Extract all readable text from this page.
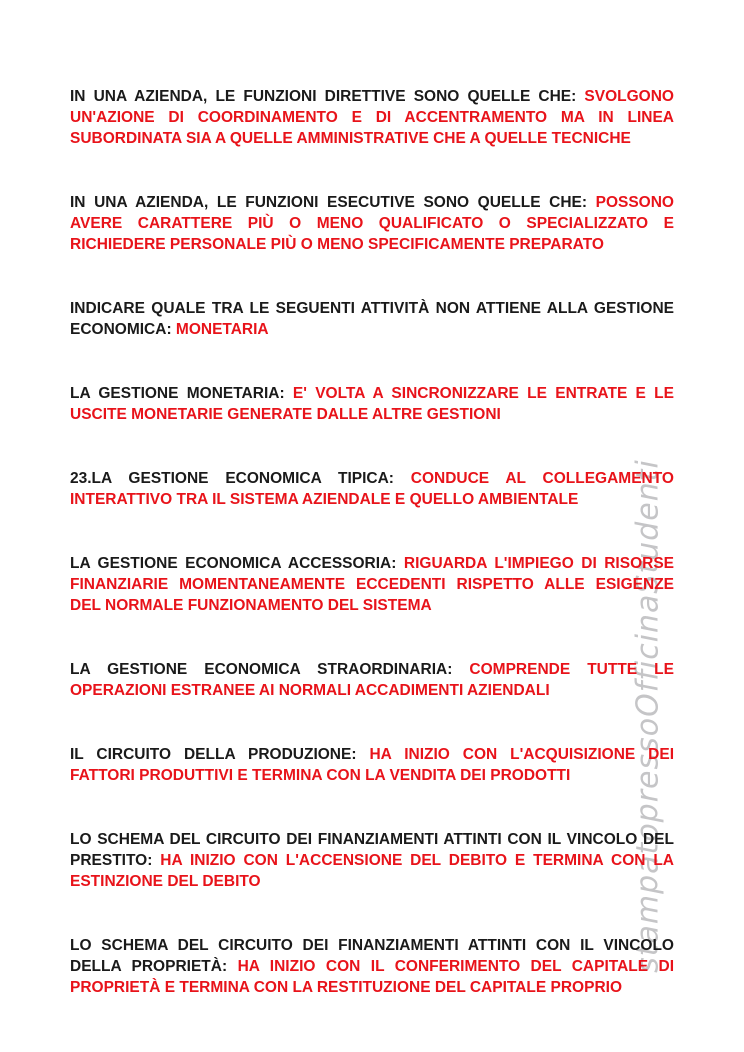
stampatopressoOfficinaStudenti

IN UNA AZIENDA, LE FUNZIONI DIRETTIVE SONO QUELLE CHE: SVOLGONO UN'AZIONE DI COORDINAMENTO E DI ACCENTRAMENTO MA IN LINEA SUBORDINATA SIA A QUELLE AMMINISTRATIVE CHE A QUELLE TECNICHE

IN UNA AZIENDA, LE FUNZIONI ESECUTIVE SONO QUELLE CHE: POSSONO AVERE CARATTERE PIÙ O MENO QUALIFICATO O SPECIALIZZATO E RICHIEDERE PERSONALE PIÙ O MENO SPECIFICAMENTE PREPARATO

INDICARE QUALE TRA LE SEGUENTI ATTIVITÀ NON ATTIENE ALLA GESTIONE ECONOMICA: MONETARIA

LA GESTIONE MONETARIA: E' VOLTA A SINCRONIZZARE LE ENTRATE E LE USCITE MONETARIE GENERATE DALLE ALTRE GESTIONI

23.LA GESTIONE ECONOMICA TIPICA: CONDUCE AL COLLEGAMENTO INTERATTIVO TRA IL SISTEMA AZIENDALE E QUELLO AMBIENTALE

LA GESTIONE ECONOMICA ACCESSORIA: RIGUARDA L'IMPIEGO DI RISORSE FINANZIARIE MOMENTANEAMENTE ECCEDENTI RISPETTO ALLE ESIGENZE DEL NORMALE FUNZIONAMENTO DEL SISTEMA

LA GESTIONE ECONOMICA STRAORDINARIA: COMPRENDE TUTTE LE OPERAZIONI ESTRANEE AI NORMALI ACCADIMENTI AZIENDALI

IL CIRCUITO DELLA PRODUZIONE: HA INIZIO CON L'ACQUISIZIONE DEI FATTORI PRODUTTIVI E TERMINA CON LA VENDITA DEI PRODOTTI

LO SCHEMA DEL CIRCUITO DEI FINANZIAMENTI ATTINTI CON IL VINCOLO DEL PRESTITO: HA INIZIO CON L'ACCENSIONE DEL DEBITO E TERMINA CON LA ESTINZIONE DEL DEBITO

LO SCHEMA DEL CIRCUITO DEI FINANZIAMENTI ATTINTI CON IL VINCOLO DELLA PROPRIETÀ: HA INIZIO CON IL CONFERIMENTO DEL CAPITALE DI PROPRIETÀ E TERMINA CON LA RESTITUZIONE DEL CAPITALE PROPRIO
